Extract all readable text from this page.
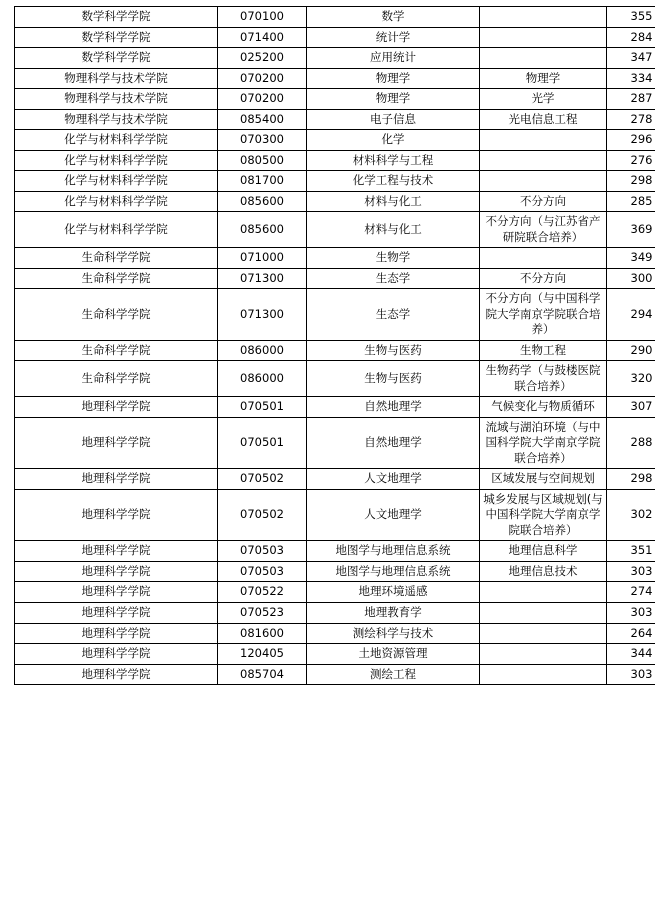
数学科学学院	070100	数学		355
数学科学学院	071400	统计学		284
数学科学学院	025200	应用统计		347
物理科学与技术学院	070200	物理学	物理学	334
物理科学与技术学院	070200	物理学	光学	287
物理科学与技术学院	085400	电子信息	光电信息工程	278
化学与材料科学学院	070300	化学		296
化学与材料科学学院	080500	材料科学与工程		276
化学与材料科学学院	081700	化学工程与技术		298
化学与材料科学学院	085600	材料与化工	不分方向	285
化学与材料科学学院	085600	材料与化工	不分方向（与江苏省产研院联合培养）	369
生命科学学院	071000	生物学		349
生命科学学院	071300	生态学	不分方向	300
生命科学学院	071300	生态学	不分方向（与中国科学院大学南京学院联合培养）	294
生命科学学院	086000	生物与医药	生物工程	290
生命科学学院	086000	生物与医药	生物药学（与鼓楼医院联合培养）	320
地理科学学院	070501	自然地理学	气候变化与物质循环	307
地理科学学院	070501	自然地理学	流域与湖泊环境（与中国科学院大学南京学院联合培养）	288
地理科学学院	070502	人文地理学	区域发展与空间规划	298
地理科学学院	070502	人文地理学	城乡发展与区域规划(与中国科学院大学南京学院联合培养）	302
地理科学学院	070503	地图学与地理信息系统	地理信息科学	351
地理科学学院	070503	地图学与地理信息系统	地理信息技术	303
地理科学学院	070522	地理环境遥感		274
地理科学学院	070523	地理教育学		303
地理科学学院	081600	测绘科学与技术		264
地理科学学院	120405	土地资源管理		344
地理科学学院	085704	测绘工程		303
